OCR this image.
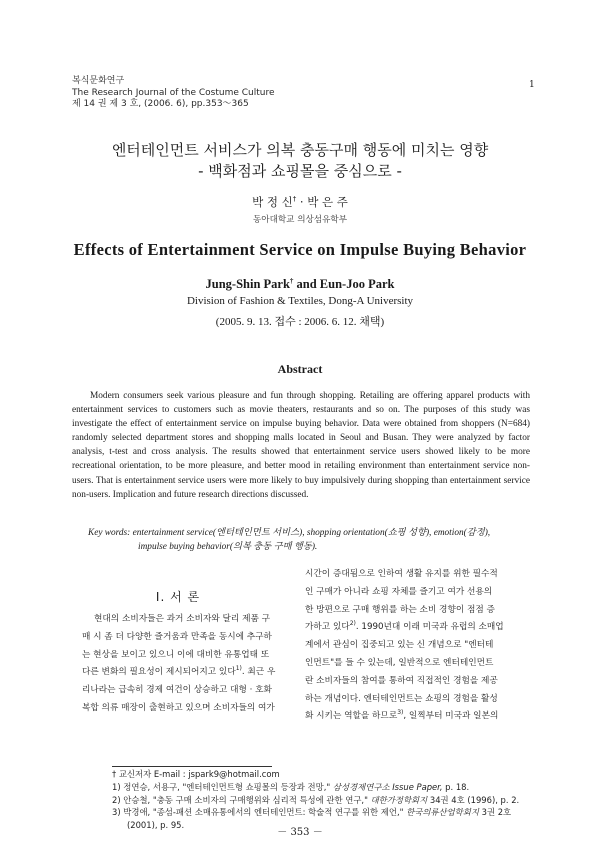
복식문화연구
The Research Journal of the Costume Culture
제 14 권 제 3 호, (2006. 6), pp.353～365
1
엔터테인먼트 서비스가 의복 충동구매 행동에 미치는 영향
- 백화점과 쇼핑몰을 중심으로 -
박 정 신† · 박 은 주
동아대학교 의상섬유학부
Effects of Entertainment Service on Impulse Buying Behavior
Jung-Shin Park† and Eun-Joo Park
Division of Fashion & Textiles, Dong-A University
(2005. 9. 13. 접수 : 2006. 6. 12. 채택)
Abstract

Modern consumers seek various pleasure and fun through shopping. Retailing are offering apparel products with entertainment services to customers such as movie theaters, restaurants and so on. The purposes of this study was investigate the effect of entertainment service on impulse buying behavior. Data were obtained from shoppers (N=684) randomly selected department stores and shopping malls located in Seoul and Busan. They were analyzed by factor analysis, t-test and cross analysis. The results showed that entertainment service users showed likely to be more recreational orientation, to be more pleasure, and better mood in retailing environment than entertainment service non-users. That is entertainment service users were more likely to buy impulsively during shopping than entertainment service non-users. Implication and future research directions discussed.

Key words: entertainment service(엔터테인먼트 서비스), shopping orientation(쇼핑 성향), emotion(감정),
impulse buying behavior(의복 충동 구매 행동).
Ⅰ. 서 론
현대의 소비자들은 과거 소비자와 달리 제품 구
매 시 좀 더 다양한 즐거움과 만족을 동시에 추구하
는 현상을 보이고 있으니 이에 대비한 유통업태 또
다른 변화의 필요성이 제시되어지고 있다$^{1)}$. 최근 우
리나라는 급속히 경제 여건이 상승하고 대형 · 호화
복합 의류 매장이 출현하고 있으며 소비자들의 여가
시간이 증대됨으로 인하여 생활 유지를 위한 필수적
인 구매가 아니라 쇼핑 자체를 즐기고 여가 선용의
한 방편으로 구매 행위를 하는 소비 경향이 점점 증
가하고 있다$^{2)}$. 1990년대 이래 미국과 유럽의 소매업
계에서 관심이 집중되고 있는 신 개념으로 "엔터테
인먼트"를 들 수 있는데, 일반적으로 엔터테인먼트
란 소비자들의 참여를 통하여 직접적인 경험을 제공
하는 개념이다. 엔터테인먼트는 쇼핑의 경험을 활성
화 시키는 역할을 하므로$^{3)}$, 일찍부터 미국과 일본의
† 교신저자 E-mail : jspark9@hotmail.com
1) 정연승, 서용구, "엔터테인먼트형 쇼핑몰의 등장과 전망," 삼성경제연구소 Issue Paper, p. 18.
2) 안승철, "충동 구매 소비자의 구매행위와 심리적 특성에 관한 연구," 대한가정학회지 34권 4호 (1996), p. 2.
3) 박경애, "종섬-패션 소매유통에서의 엔터테인먼트: 학술적 연구를 위한 제언," 한국의류산업학회지 3권 2호
(2001), p. 95.
－ 353 －
